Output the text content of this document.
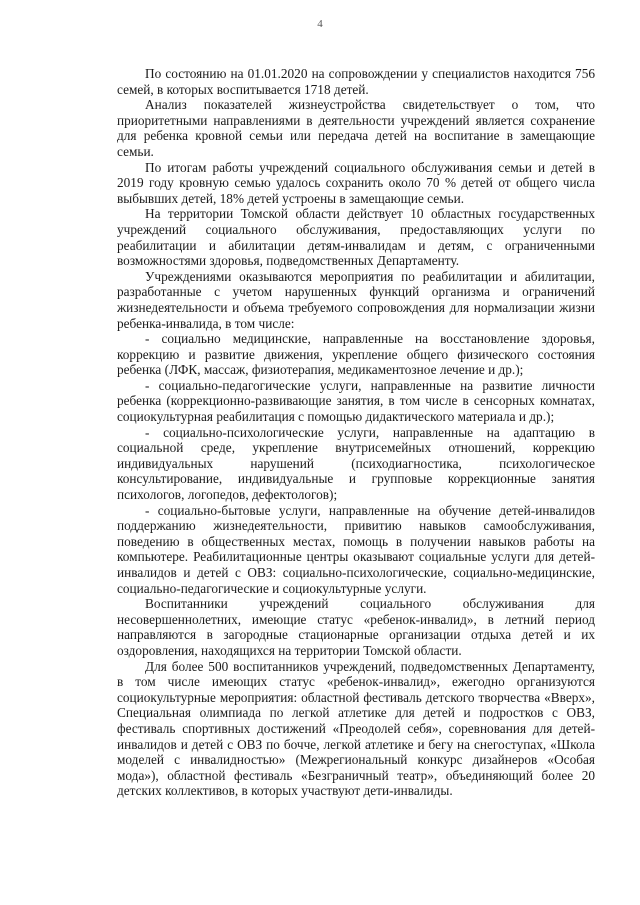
4

По состоянию на 01.01.2020 на сопровождении у специалистов находится 756 семей, в которых воспитывается 1718 детей.

Анализ показателей жизнеустройства свидетельствует о том, что приоритетными направлениями в деятельности учреждений является сохранение для ребенка кровной семьи или передача детей на воспитание в замещающие семьи.

По итогам работы учреждений социального обслуживания семьи и детей в 2019 году кровную семью удалось сохранить около 70 % детей от общего числа выбывших детей, 18% детей устроены в замещающие семьи.

На территории Томской области действует 10 областных государственных учреждений социального обслуживания, предоставляющих услуги по реабилитации и абилитации детям-инвалидам и детям, с ограниченными возможностями здоровья, подведомственных Департаменту.

Учреждениями оказываются мероприятия по реабилитации и абилитации, разработанные с учетом нарушенных функций организма и ограничений жизнедеятельности и объема требуемого сопровождения для нормализации жизни ребенка-инвалида, в том числе:

- социально медицинские, направленные на восстановление здоровья, коррекцию и развитие движения, укрепление общего физического состояния ребенка (ЛФК, массаж, физиотерапия, медикаментозное лечение и др.);

- социально-педагогические услуги, направленные на развитие личности ребенка (коррекционно-развивающие занятия, в том числе в сенсорных комнатах, социокультурная реабилитация с помощью дидактического материала и др.);

- социально-психологические услуги, направленные на адаптацию в социальной среде, укрепление внутрисемейных отношений, коррекцию индивидуальных нарушений (психодиагностика, психологическое консультирование, индивидуальные и групповые коррекционные занятия психологов, логопедов, дефектологов);

- социально-бытовые услуги, направленные на обучение детей-инвалидов поддержанию жизнедеятельности, привитию навыков самообслуживания, поведению в общественных местах, помощь в получении навыков работы на компьютере. Реабилитационные центры оказывают социальные услуги для детей-инвалидов и детей с ОВЗ: социально-психологические, социально-медицинские, социально-педагогические и социокультурные услуги.

Воспитанники учреждений социального обслуживания для несовершеннолетних, имеющие статус «ребенок-инвалид», в летний период направляются в загородные стационарные организации отдыха детей и их оздоровления, находящихся на территории Томской области.

Для более 500 воспитанников учреждений, подведомственных Департаменту, в том числе имеющих статус «ребенок-инвалид», ежегодно организуются социокультурные мероприятия: областной фестиваль детского творчества «Вверх», Специальная олимпиада по легкой атлетике для детей и подростков с ОВЗ, фестиваль спортивных достижений «Преодолей себя», соревнования для детей-инвалидов и детей с ОВЗ по бочче, легкой атлетике и бегу на снегоступах, «Школа моделей с инвалидностью» (Межрегиональный конкурс дизайнеров «Особая мода»), областной фестиваль «Безграничный театр», объединяющий более 20 детских коллективов, в которых участвуют дети-инвалиды.
